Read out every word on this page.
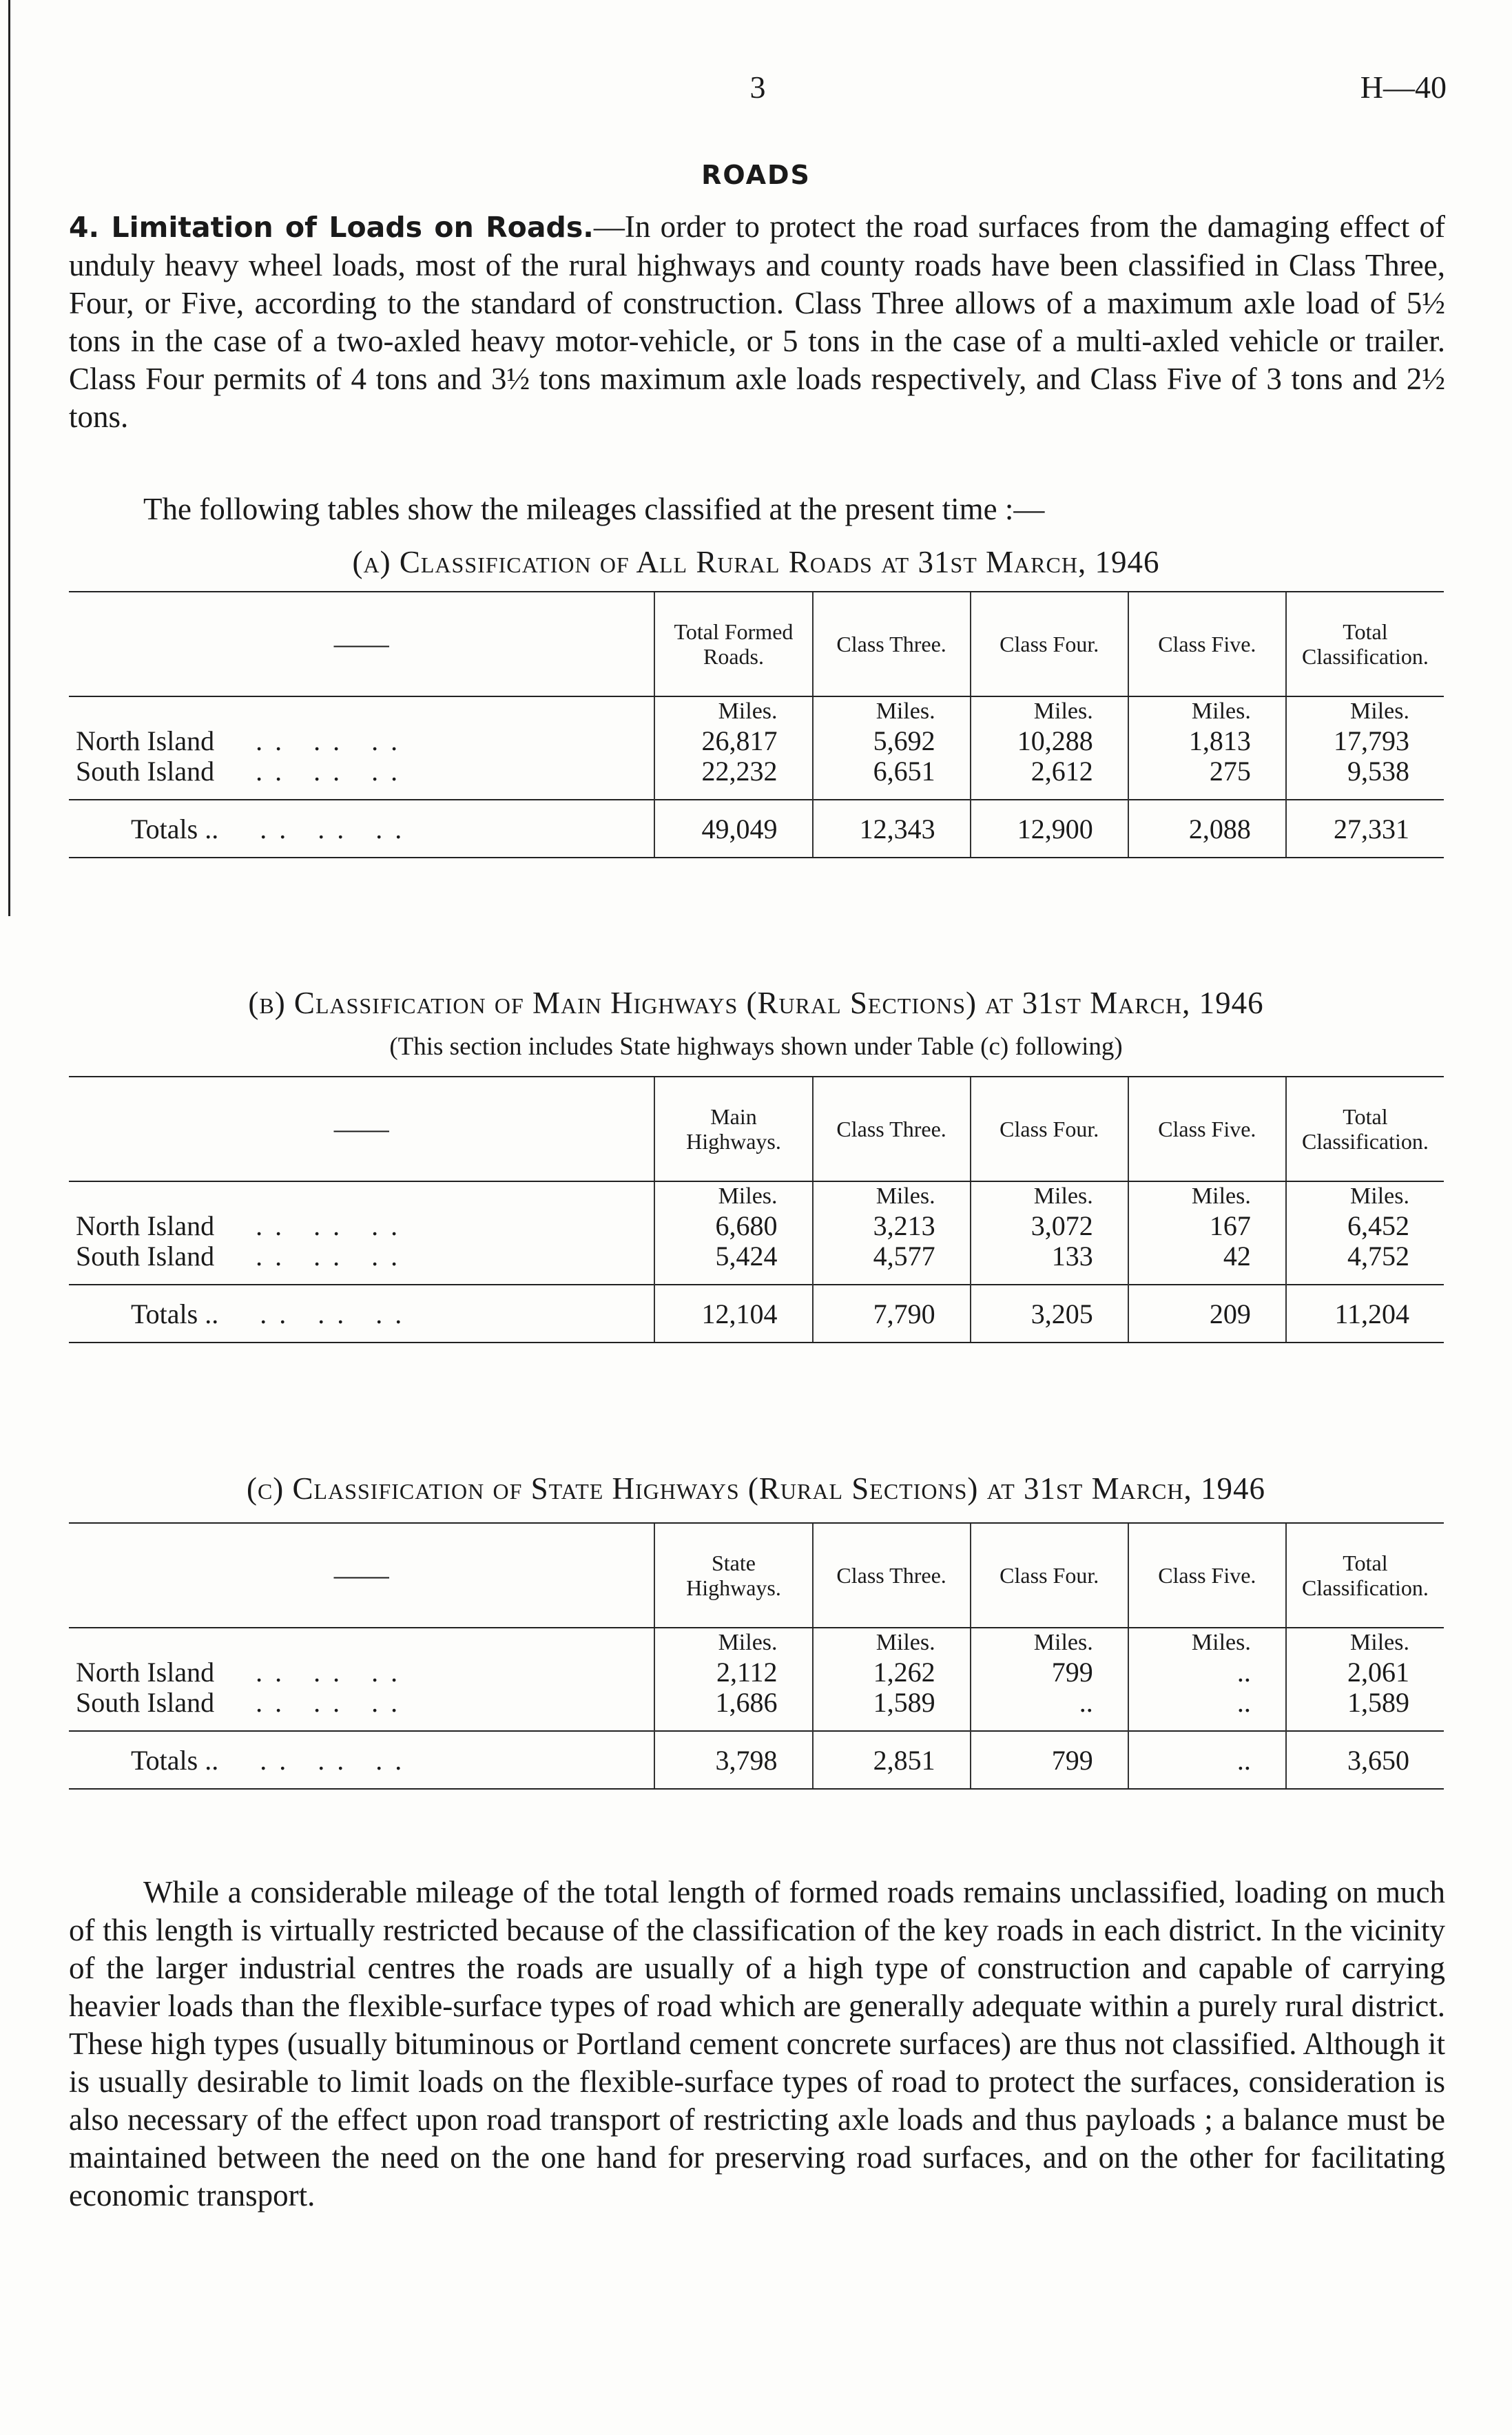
3	H—40
ROADS

4. Limitation of Loads on Roads.—In order to protect the road surfaces from the damaging effect of unduly heavy wheel loads, most of the rural highways and county roads have been classified in Class Three, Four, or Five, according to the standard of construction. Class Three allows of a maximum axle load of 5½ tons in the case of a two-axled heavy motor-vehicle, or 5 tons in the case of a multi-axled vehicle or trailer. Class Four permits of 4 tons and 3½ tons maximum axle loads respectively, and Class Five of 3 tons and 2½ tons.

The following tables show the mileages classified at the present time :—

(a) Classification of All Rural Roads at 31st March, 1946
——	Total Formed Roads.	Class Three.	Class Four.	Class Five.	Total Classification.
	Miles.	Miles.	Miles.	Miles.	Miles.
North Island .. .. ..	26,817	5,692	10,288	1,813	17,793
South Island .. .. ..	22,232	6,651	2,612	275	9,538

Totals .. .. .. ..	49,049	12,343	12,900	2,088	27,331
(b) Classification of Main Highways (Rural Sections) at 31st March, 1946
(This section includes State highways shown under Table (c) following)
——	Main Highways.	Class Three.	Class Four.	Class Five.	Total Classification.
	Miles.	Miles.	Miles.	Miles.	Miles.
North Island .. .. ..	6,680	3,213	3,072	167	6,452
South Island .. .. ..	5,424	4,577	133	42	4,752

Totals .. .. .. ..	12,104	7,790	3,205	209	11,204
(c) Classification of State Highways (Rural Sections) at 31st March, 1946
——	State Highways.	Class Three.	Class Four.	Class Five.	Total Classification.
	Miles.	Miles.	Miles.	Miles.	Miles.
North Island .. .. ..	2,112	1,262	799	..	2,061
South Island .. .. ..	1,686	1,589	..	..	1,589

Totals .. .. .. ..	3,798	2,851	799	..	3,650

While a considerable mileage of the total length of formed roads remains unclassified, loading on much of this length is virtually restricted because of the classification of the key roads in each district. In the vicinity of the larger industrial centres the roads are usually of a high type of construction and capable of carrying heavier loads than the flexible-surface types of road which are generally adequate within a purely rural district. These high types (usually bituminous or Portland cement concrete surfaces) are thus not classified. Although it is usually desirable to limit loads on the flexible-surface types of road to protect the surfaces, consideration is also necessary of the effect upon road transport of restricting axle loads and thus payloads ; a balance must be maintained between the need on the one hand for preserving road surfaces, and on the other for facilitating economic transport.
